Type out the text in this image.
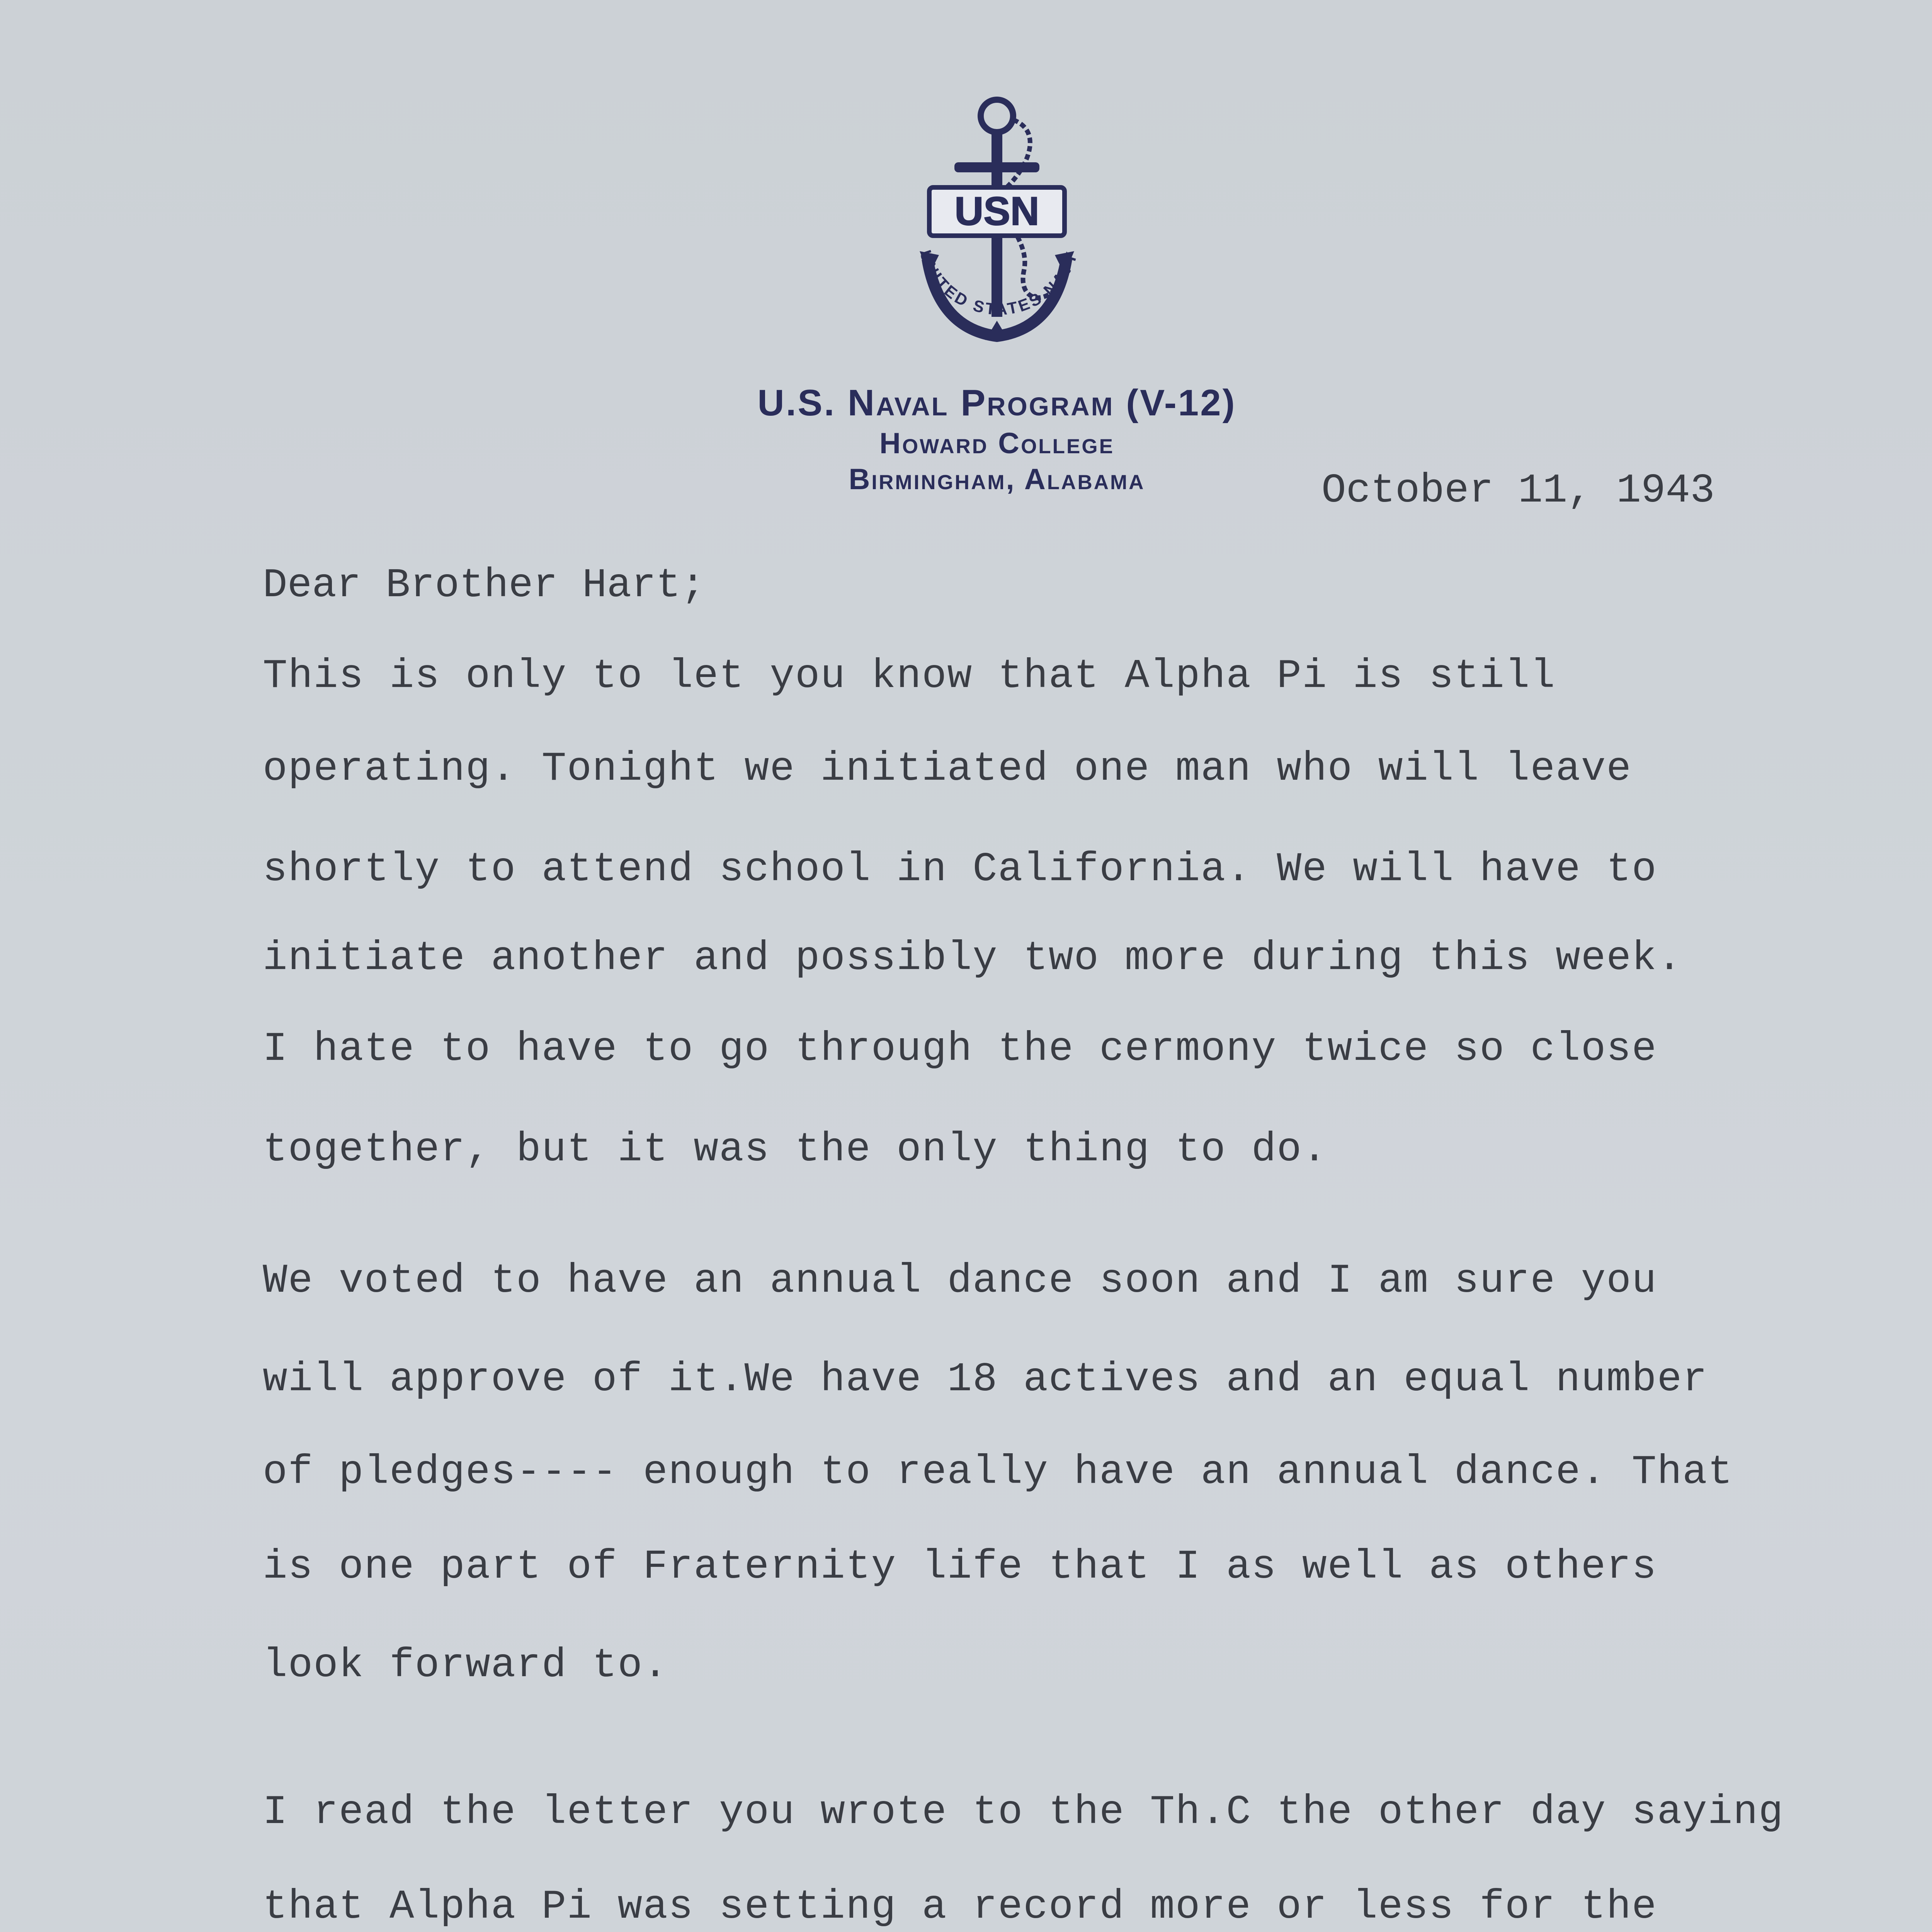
USN
UNITED STATES NAVY
U.S. Naval Program (V-12)
Howard College
Birmingham, Alabama	October 11, 1943
Dear Brother Hart;
This is only to let you know that Alpha Pi is still
operating. Tonight we initiated one man who will leave
shortly to attend school in California. We will have to
initiate another and possibly two more during this week.
I hate to have to go through the cermony twice so close
together, but it was the only thing to do.
We voted to have an annual dance soon and I am sure you
will approve of it.We have 18 actives and an equal number
of pledges---- enough to really have an annual dance. That
is one part of Fraternity life that I as well as others
look forward to.
I read the letter you wrote to the Th.C the other day saying
that Alpha Pi was setting a record more or less for the
